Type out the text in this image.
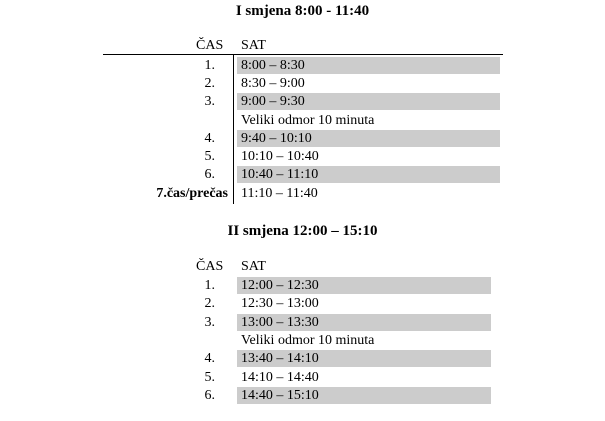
I smjena 8:00 - 11:40
ČAS SAT
1. 8:00 – 8:30
2. 8:30 – 9:00
3. 9:00 – 9:30
Veliki odmor 10 minuta
4. 9:40 – 10:10
5. 10:10 – 10:40
6. 10:40 – 11:10
7.čas/prečas 11:10 – 11:40
II smjena 12:00 – 15:10
ČAS SAT
1. 12:00 – 12:30
2. 12:30 – 13:00
3. 13:00 – 13:30
Veliki odmor 10 minuta
4. 13:40 – 14:10
5. 14:10 – 14:40
6. 14:40 – 15:10
